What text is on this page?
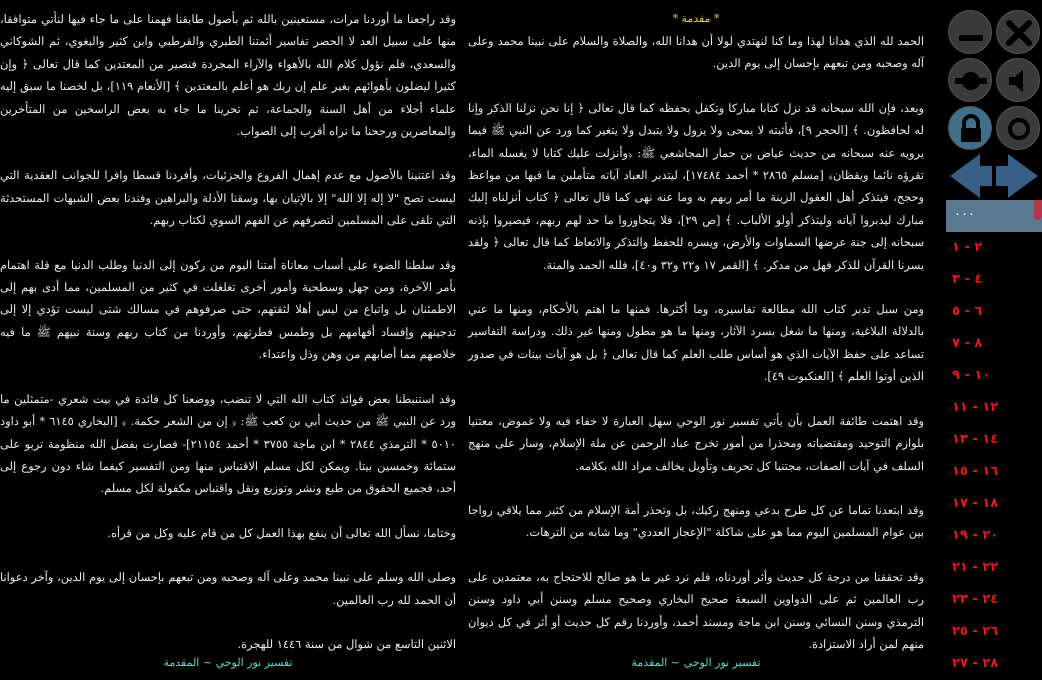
* مقدمة *

الحمد لله الذي هدانا لهذا وما كنا لنهتدي لولا أن هدانا الله، والصلاة والسلام على نبينا محمد وعلى آله وصحبه ومن تبعهم بإحسان إلى يوم الدين.

وبعد، فإن الله سبحانه قد نزل كتابا مباركا وتكفل بحفظه كما قال تعالى ﴿ إنا نحن نزلنا الذكر وإنا له لحافظون. ﴾ [الحجر ٩]، فأثبته لا يمحى ولا يزول ولا يتبدل ولا يتغير كما ورد عن النبي ﷺ فيما يرويه عنه سبحانه من حديث عياض بن حمار المجاشعي ﷺ: ﴿وأنزلت عليك كتابا لا يغسله الماء، تقرؤه نائما ويقظان﴾ [مسلم ٢٨٦٥ * أحمد ١٧٤٨٤]، ليتدبر العباد آياته متأملين ما فيها من مواعظ وحجج، فيتذكر أهل العقول الزينة ما أمر ربهم به وما عنه نهى كما قال تعالى ﴿ كتاب أنزلناه إليك مبارك ليدبروا آياته وليتذكر أولو الألباب. ﴾ [ص ٢٩]، فلا يتجاوزوا ما حد لهم ربهم، فيصيروا بإذنه سبحانه إلى جنة عرضها السماوات والأرض، ويسره للحفظ والتذكر والاتعاظ كما قال تعالى ﴿ ولقد يسرنا القرآن للذكر فهل من مدكر. ﴾ [القمر ١٧ و٢٢ و٣٢ و٤٠]، فلله الحمد والمنة.

ومن سبل تدبر كتاب الله مطالعة تفاسيره، وما أكثرها. فمنها ما اهتم بالأحكام، ومنها ما عني بالدلالة البلاغية، ومنها ما شغل بسرد الآثار، ومنها ما هو مطول ومنها غير ذلك. ودراسة التفاسير تساعد على حفظ الآيات الذي هو أساس طلب العلم كما قال تعالى ﴿ بل هو آيات بينات في صدور الذين أوتوا العلم ﴾ [العنكبوت ٤٩].

وقد اهتمت طائفة العمل بأن يأتي تفسير نور الوحي سهل العبارة لا خفاء فيه ولا غموض، معتنيا بلوازم التوحيد ومقتضياته ومحذرا من أمور تخرج عباد الرحمن عن ملة الإسلام، وسار على منهج السلف في آيات الصفات، مجتنبا كل تحريف وتأويل يخالف مراد الله بكلامه.

وقد ابتعدنا تماما عن كل طرح بدعي ومنهج ركيك، بل وتحذر أمة الإسلام من كثير مما يلاقي رواجا بين عوام المسلمين اليوم مما هو على شاكلة "الإعجاز العددي" وما شابه من الترهات.

وقد تحققنا من درجة كل حديث وأثر أوردناه، فلم نرد غير ما هو صالح للاحتجاج به، معتمدين على رب العالمين ثم على الدواوين السبعة صحيح البخاري وصحيح مسلم وسنن أبي داود وسنن الترمذي وسنن النسائي وسنن ابن ماجة ومسند أحمد، وأوردنا رقم كل حديث أو أثر في كل ديوان منهم لمن أراد الاستزادة.

تفسير نور الوحي ~ المقدمة

وقد راجعنا ما أوردنا مرات، مستعينين بالله ثم بأصول طابقنا فهمنا على ما جاء فيها لنأتي متوافقا، منها على سبيل العد لا الحصر تفاسير أئمتنا الطبري والقرطبي وابن كثير والبغوي، ثم الشوكاني والسعدي، فلم نؤول كلام الله بالأهواء والآراء المجردة فنصير من المعتدين كما قال تعالى ﴿ وإن كثيرا ليضلون بأهوائهم بغير علم إن ربك هو أعلم بالمعتدين ﴾ [الأنعام ١١٩]، بل لخصنا ما سبق إليه علماء أجلاء من أهل السنة والجماعة، ثم تحرينا ما جاء به بعض الراسخين من المتأخرين والمعاصرين ورجحنا ما نراه أقرب إلى الصواب.

وقد اعتنينا بالأصول مع عدم إهمال الفروع والجزئيات، وأفردنا قسطا وافرا للجوانب العقدية التي ليست تصح "لا إله إلا الله" إلا بالإتيان بها، وسقنا الأدلة والبراهين وفندنا بعض الشبهات المستحدثة التي تلقى على المسلمين لتصرفهم عن الفهم السوي لكتاب ربهم.

وقد سلطنا الضوء على أسباب معاناة أمتنا اليوم من ركون إلى الدنيا وطلب الدنيا مع قلة اهتمام بأمر الآخرة، ومن جهل وسطحية وأمور أخرى تغلغلت في كثير من المسلمين، مما أدى بهم إلى الاطمئنان بل واتباع من ليس أهلا لثقتهم، حتى صرفوهم في مسالك شتى ليست تؤدي إلا إلى تدجينهم وإفساد أفهامهم بل وطمس فطرتهم، وأوردنا من كتاب ربهم وسنة نبيهم ﷺ ما فيه خلاصهم مما أصابهم من وهن وذل واعتداء.

وقد استنبطنا بعض فوائد كتاب الله التي لا تنضب، ووضعنا كل فائدة في بيت شعري -متمثلين ما ورد عن النبي ﷺ من حديث أبي بن كعب ﷺ: ﴿ إن من الشعر حكمة. ﴾ [البخاري ٦١٤٥ * أبو داود ٥٠١٠ * الترمذي ٢٨٤٤ * ابن ماجة ٣٧٥٥ * أحمد ٢١١٥٤]- فصارت بفضل الله منظومة تربو على ستمائة وخمسين بيتا. ويمكن لكل مسلم الاقتباس منها ومن التفسير كيفما شاء دون رجوع إلى أحد، فجميع الحقوق من طبع ونشر وتوزيع ونقل واقتباس مكفولة لكل مسلم.

وختاما، نسأل الله تعالى أن ينفع بهذا العمل كل من قام عليه وكل من قرأه.

وصلى الله وسلم على نبينا محمد وعلى آله وصحبه ومن تبعهم بإحسان إلى يوم الدين، وآخر دعوانا أن الحمد لله رب العالمين.

الاثنين التاسع من شوال من سنة ١٤٤٦ للهجرة.

تفسير نور الوحي ~ المقدمة
٠٠٠
٢ - ١
٤ - ٣
٦ - ٥
٨ - ٧
١٠ - ٩
١٢ - ١١
١٤ - ١٣
١٦ - ١٥
١٨ - ١٧
٢٠ - ١٩
٢٢ - ٢١
٢٤ - ٢٣
٢٦ - ٢٥
٢٨ - ٢٧
